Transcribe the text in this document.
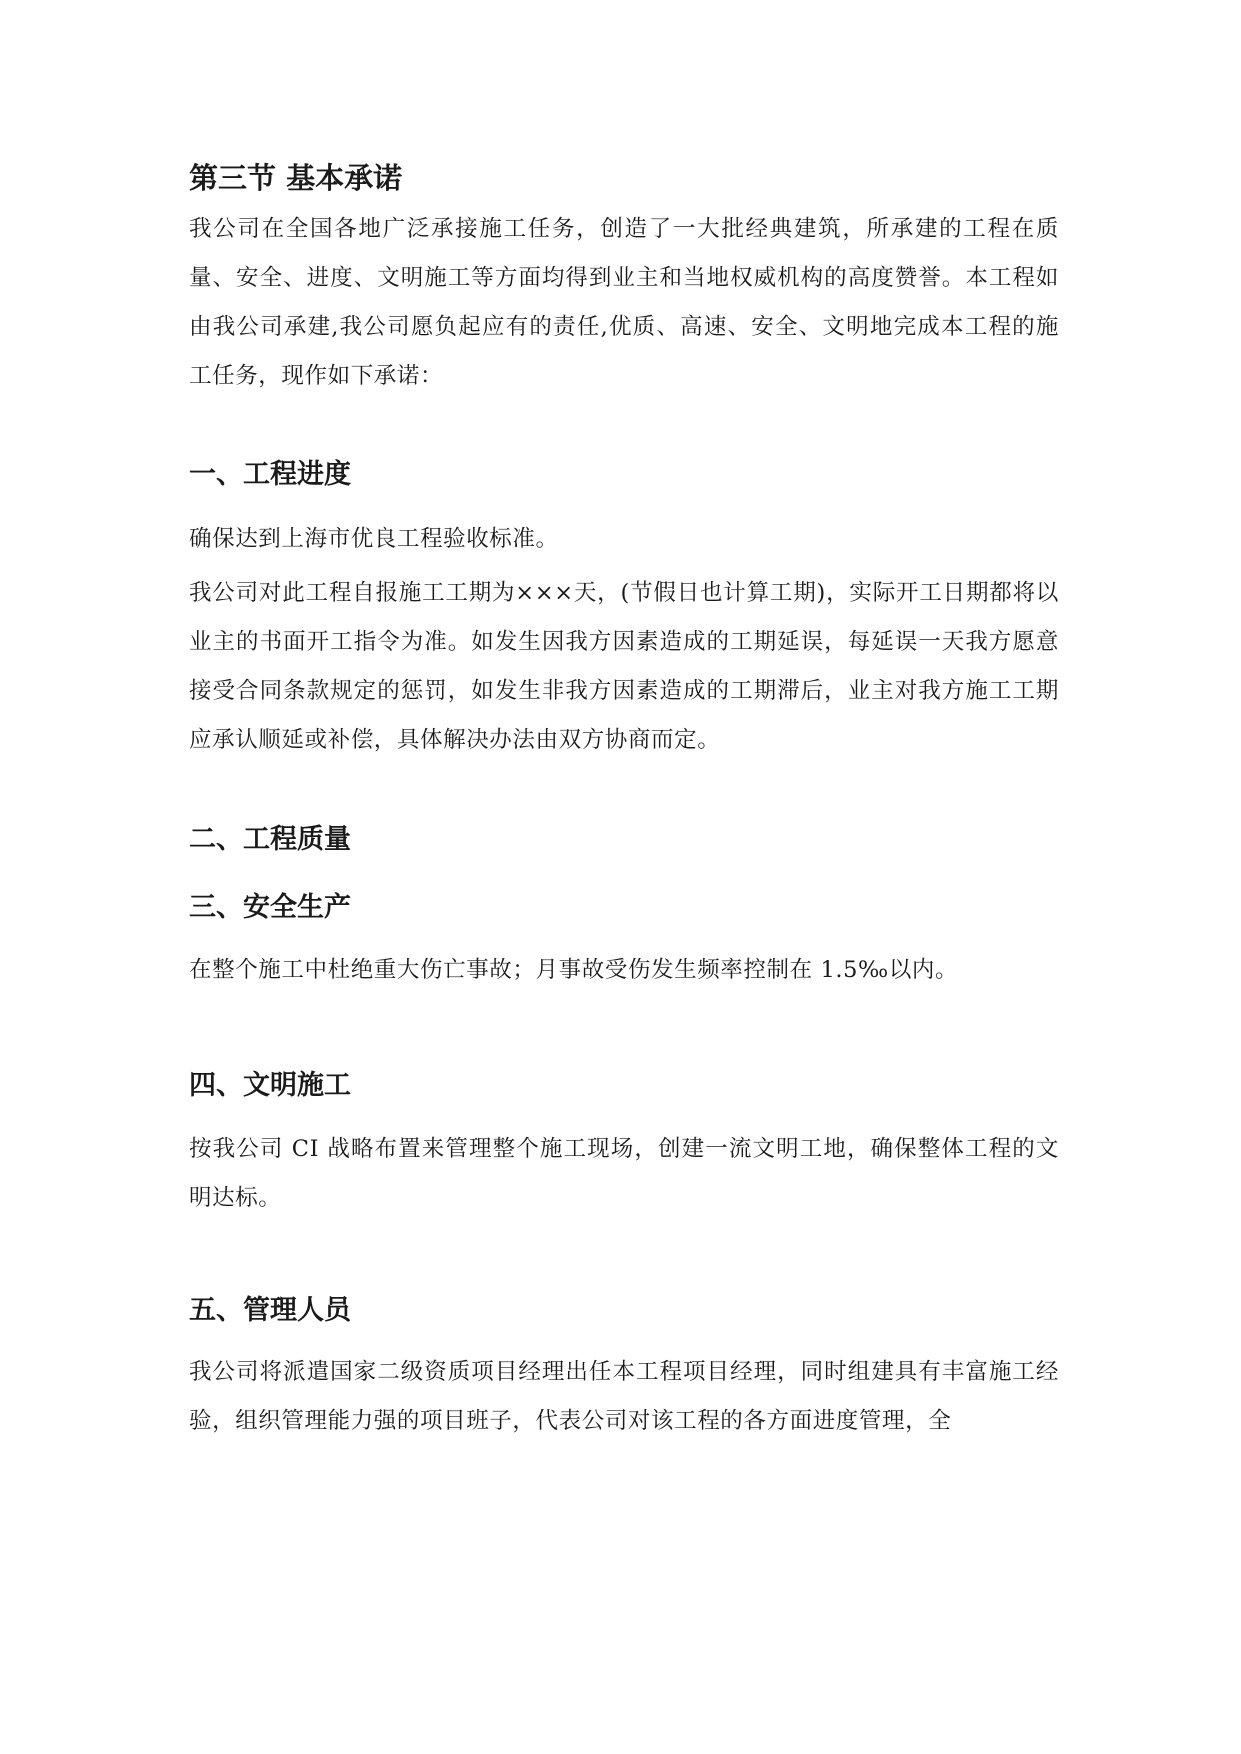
第三节 基本承诺

我公司在全国各地广泛承接施工任务，创造了一大批经典建筑，所承建的工程在质量、安全、进度、文明施工等方面均得到业主和当地权威机构的高度赞誉。本工程如由我公司承建,我公司愿负起应有的责任,优质、高速、安全、文明地完成本工程的施工任务，现作如下承诺：

一、工程进度

确保达到上海市优良工程验收标准。

我公司对此工程自报施工工期为×××天，(节假日也计算工期)，实际开工日期都将以业主的书面开工指令为准。如发生因我方因素造成的工期延误，每延误一天我方愿意接受合同条款规定的惩罚，如发生非我方因素造成的工期滞后，业主对我方施工工期应承认顺延或补偿，具体解决办法由双方协商而定。

二、工程质量
三、安全生产

在整个施工中杜绝重大伤亡事故；月事故受伤发生频率控制在 1.5‰以内。

四、文明施工

按我公司 CI 战略布置来管理整个施工现场，创建一流文明工地，确保整体工程的文明达标。

五、管理人员

我公司将派遣国家二级资质项目经理出任本工程项目经理，同时组建具有丰富施工经验，组织管理能力强的项目班子，代表公司对该工程的各方面进度管理，全
